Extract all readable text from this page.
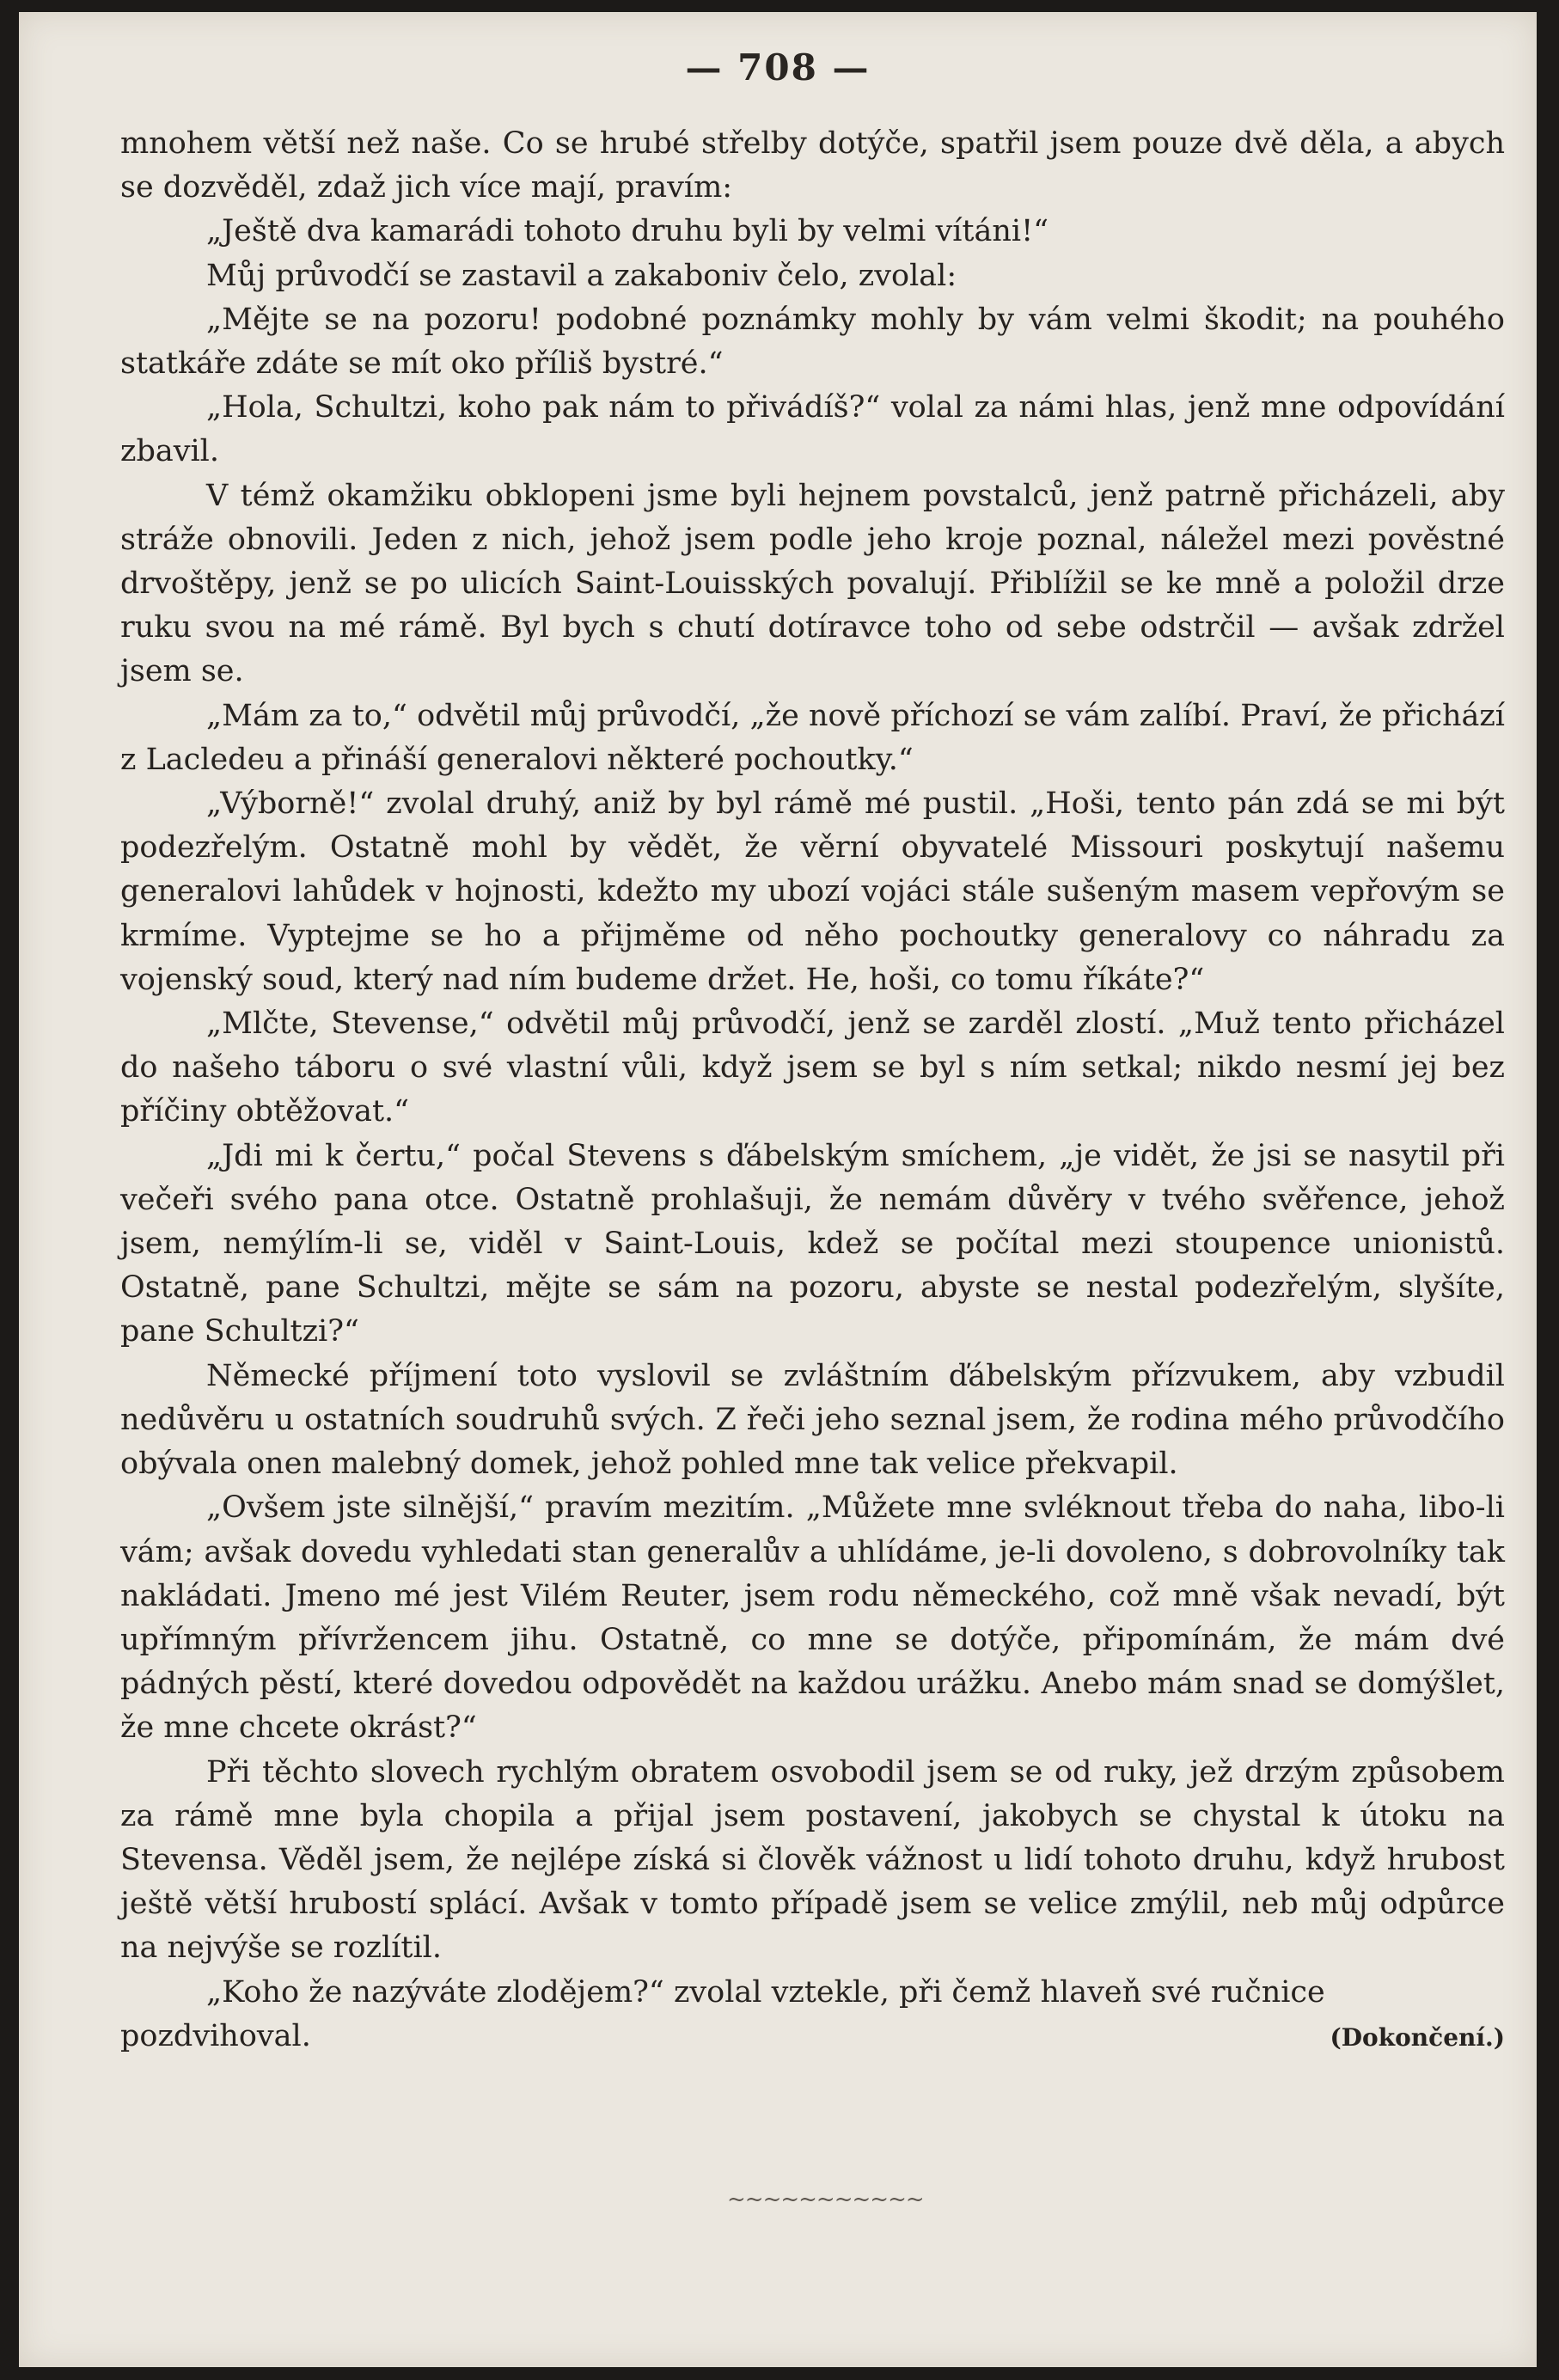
— 708 —

mnohem větší než naše. Co se hrubé střelby dotýče, spatřil jsem pouze dvě děla, a abych se dozvěděl, zdaž jich více mají, pravím:

„Ještě dva kamarádi tohoto druhu byli by velmi vítáni!“

Můj průvodčí se zastavil a zakaboniv čelo, zvolal:

„Mějte se na pozoru! podobné poznámky mohly by vám velmi škodit; na pouhého statkáře zdáte se mít oko příliš bystré.“

„Hola, Schultzi, koho pak nám to přivádíš?“ volal za námi hlas, jenž mne odpovídání zbavil.

V témž okamžiku obklopeni jsme byli hejnem povstalců, jenž patrně přicházeli, aby stráže obnovili. Jeden z nich, jehož jsem podle jeho kroje poznal, náležel mezi pověstné drvoštěpy, jenž se po ulicích Saint-Louisských povalují. Přiblížil se ke mně a položil drze ruku svou na mé rámě. Byl bych s chutí dotíravce toho od sebe odstrčil — avšak zdržel jsem se.

„Mám za to,“ odvětil můj průvodčí, „že nově příchozí se vám zalíbí. Praví, že přichází z Lacledeu a přináší generalovi některé pochoutky.“

„Výborně!“ zvolal druhý, aniž by byl rámě mé pustil. „Hoši, tento pán zdá se mi být podezřelým. Ostatně mohl by vědět, že věrní obyvatelé Missouri poskytují našemu generalovi lahůdek v hojnosti, kdežto my ubozí vojáci stále sušeným masem vepřovým se krmíme. Vyptejme se ho a přijměme od něho pochoutky generalovy co náhradu za vojenský soud, který nad ním budeme držet. He, hoši, co tomu říkáte?“

„Mlčte, Stevense,“ odvětil můj průvodčí, jenž se zarděl zlostí. „Muž tento přicházel do našeho táboru o své vlastní vůli, když jsem se byl s ním setkal; nikdo nesmí jej bez příčiny obtěžovat.“

„Jdi mi k čertu,“ počal Stevens s ďábelským smíchem, „je vidět, že jsi se nasytil při večeři svého pana otce. Ostatně prohlašuji, že nemám důvěry v tvého svěřence, jehož jsem, nemýlím-li se, viděl v Saint-Louis, kdež se počítal mezi stoupence unionistů. Ostatně, pane Schultzi, mějte se sám na pozoru, abyste se nestal podezřelým, slyšíte, pane Schultzi?“

Německé příjmení toto vyslovil se zvláštním ďábelským přízvukem, aby vzbudil nedůvěru u ostatních soudruhů svých. Z řeči jeho seznal jsem, že rodina mého průvodčího obývala onen malebný domek, jehož pohled mne tak velice překvapil.

„Ovšem jste silnější,“ pravím mezitím. „Můžete mne svléknout třeba do naha, libo-li vám; avšak dovedu vyhledati stan generalův a uhlídáme, je-li dovoleno, s dobrovolníky tak nakládati. Jmeno mé jest Vilém Reuter, jsem rodu německého, což mně však nevadí, být upřímným přívržencem jihu. Ostatně, co mne se dotýče, připomínám, že mám dvé pádných pěstí, které dovedou odpovědět na každou urážku. Anebo mám snad se domýšlet, že mne chcete okrást?“

Při těchto slovech rychlým obratem osvobodil jsem se od ruky, jež drzým způsobem za rámě mne byla chopila a přijal jsem postavení, jakobych se chystal k útoku na Stevensa. Věděl jsem, že nejlépe získá si člověk vážnost u lidí tohoto druhu, když hrubost ještě větší hrubostí splácí. Avšak v tomto případě jsem se velice zmýlil, neb můj odpůrce na nejvýše se rozlítil.

„Koho že nazýváte zlodějem?“ zvolal vztekle, při čemž hlaveň své ručnice

pozdvihoval.	(Dokončení.)
~~~~~~~~~~~
